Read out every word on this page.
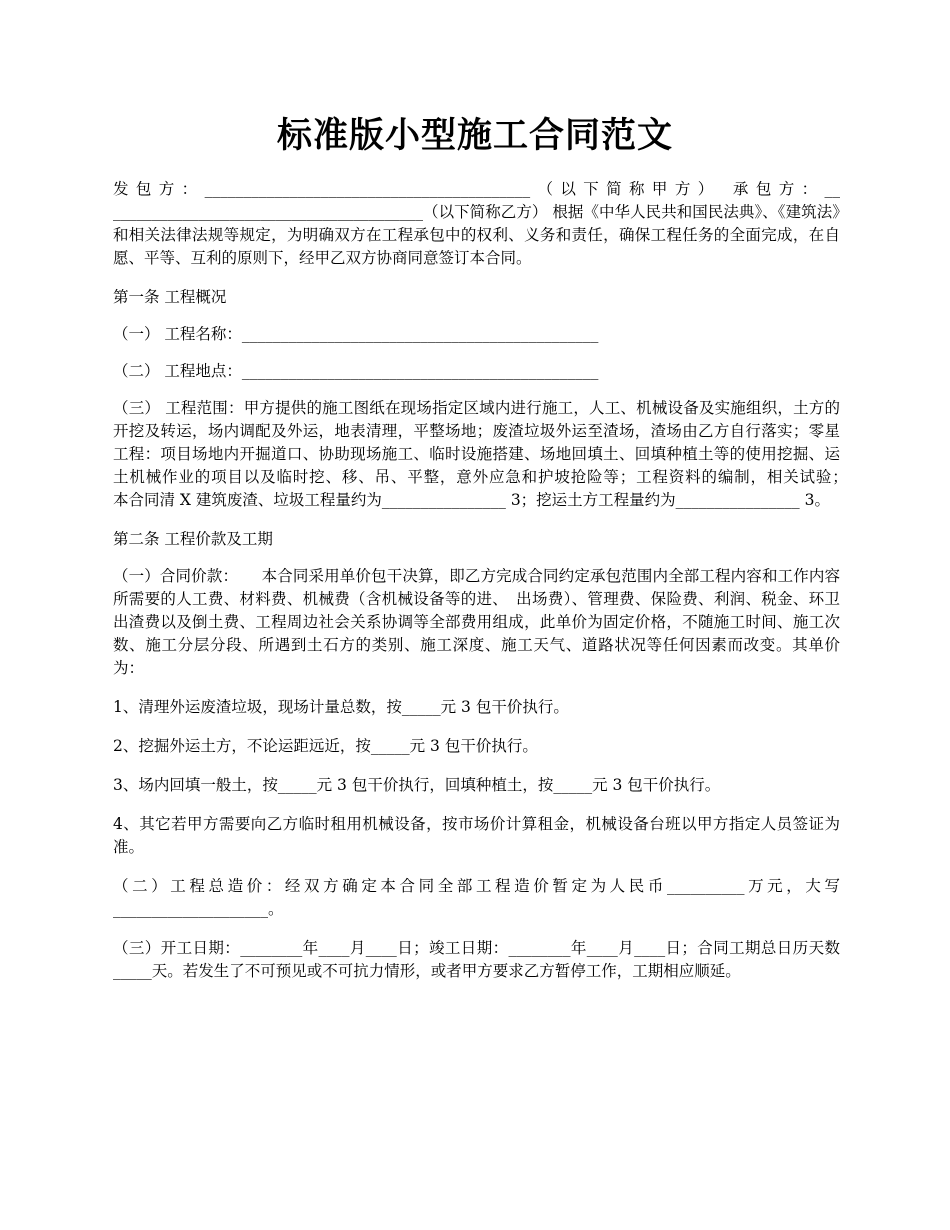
标准版小型施工合同范文

发包方：__________________________________________（以下简称甲方） 承包方：__ ________________________________________（以下简称乙方） 根据《中华人民共和国民法典》、《建筑法》和相关法律法规等规定，为明确双方在工程承包中的权利、义务和责任，确保工程任务的全面完成，在自愿、平等、互利的原则下，经甲乙双方协商同意签订本合同。

第一条 工程概况

（一） 工程名称：______________________________________________

（二） 工程地点：______________________________________________

（三） 工程范围：甲方提供的施工图纸在现场指定区域内进行施工，人工、机械设备及实施组织，土方的开挖及转运，场内调配及外运，地表清理，平整场地；废渣垃圾外运至渣场，渣场由乙方自行落实；零星工程：项目场地内开掘道口、协助现场施工、临时设施搭建、场地回填土、回填种植土等的使用挖掘、运土机械作业的项目以及临时挖、移、吊、平整，意外应急和护坡抢险等；工程资料的编制，相关试验；　　本合同清 X 建筑废渣、垃圾工程量约为________________ 3；挖运土方工程量约为________________ 3。

第二条 工程价款及工期

（一）合同价款：　　本合同采用单价包干决算，即乙方完成合同约定承包范围内全部工程内容和工作内容所需要的人工费、材料费、机械费（含机械设备等的进、　出场费）、管理费、保险费、利润、税金、环卫出渣费以及倒土费、工程周边社会关系协调等全部费用组成，此单价为固定价格，不随施工时间、施工次数、施工分层分段、所遇到土石方的类别、施工深度、施工天气、道路状况等任何因素而改变。其单价为：

1、清理外运废渣垃圾，现场计量总数，按_____元 3 包干价执行。

2、挖掘外运土方，不论运距远近，按_____元 3 包干价执行。

3、场内回填一般土，按_____元 3 包干价执行，回填种植土，按_____元 3 包干价执行。

4、其它若甲方需要向乙方临时租用机械设备，按市场价计算租金，机械设备台班以甲方指定人员签证为准。

（二）工程总造价：经双方确定本合同全部工程造价暂定为人民币__________万元，大写____________________。

（三）开工日期：________年____月____日；竣工日期：________年____月____日；合同工期总日历天数_____天。若发生了不可预见或不可抗力情形，或者甲方要求乙方暂停工作，工期相应顺延。
